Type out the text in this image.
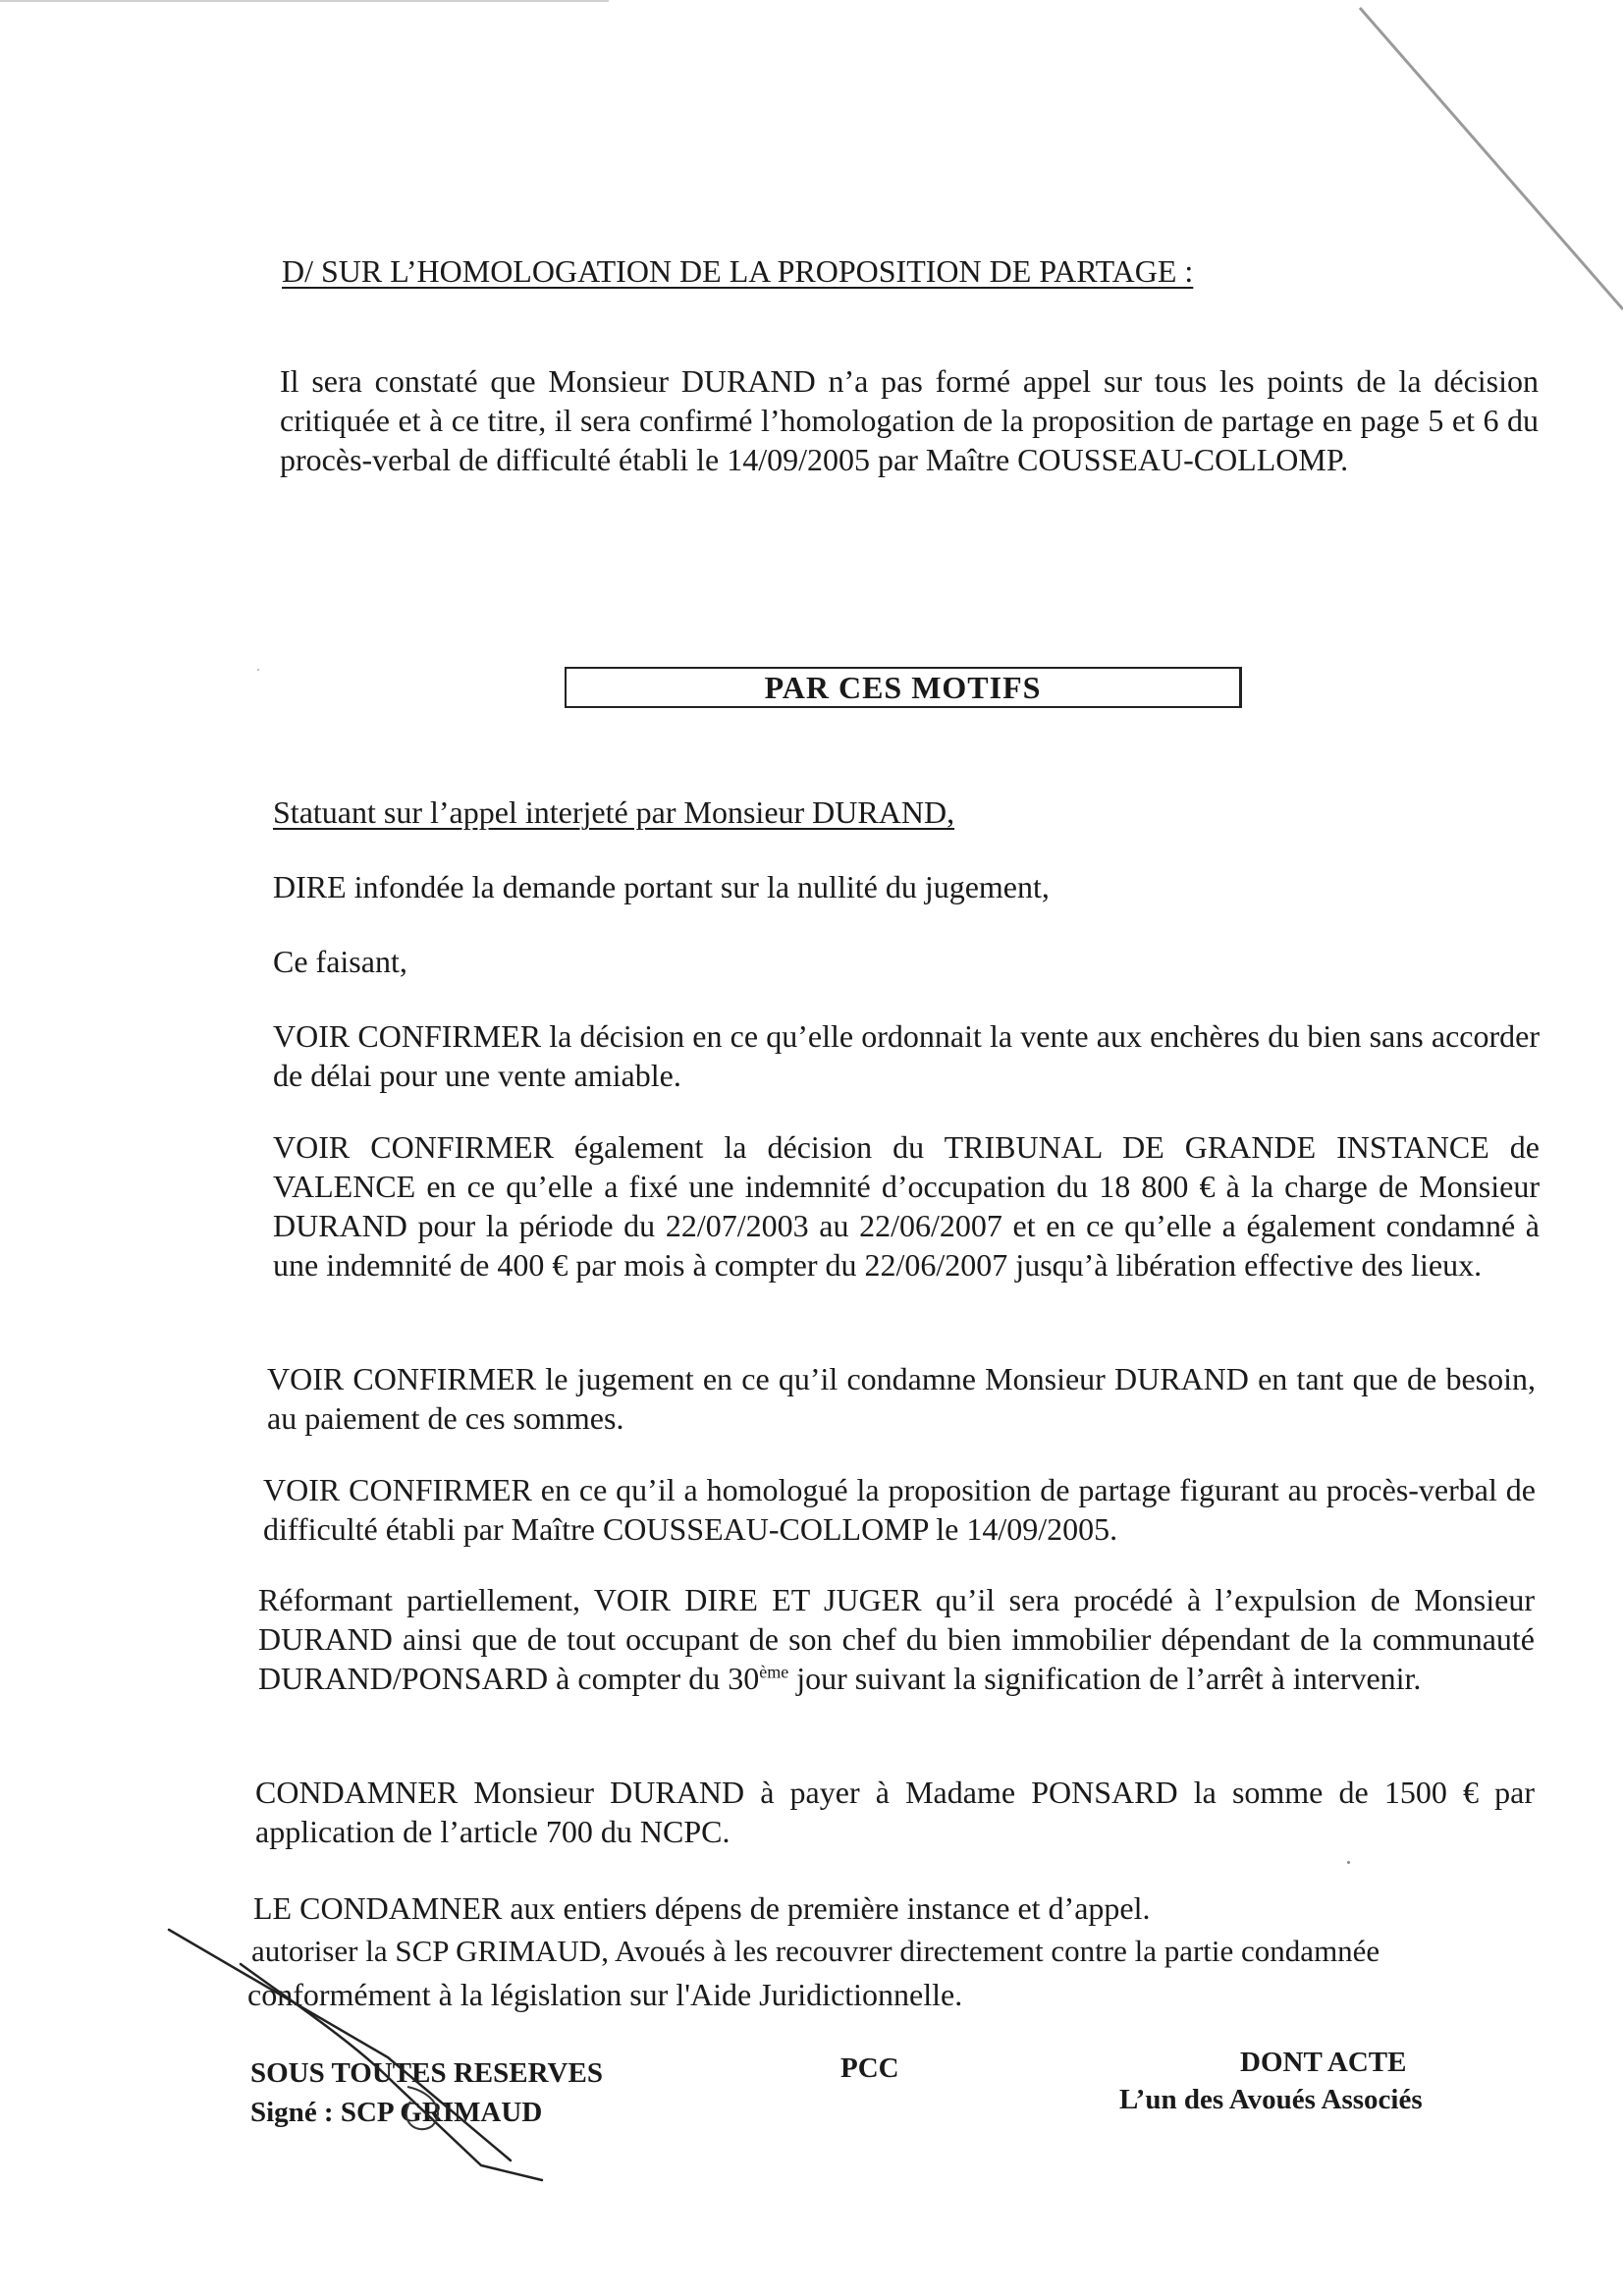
D/ SUR L’HOMOLOGATION DE LA PROPOSITION DE PARTAGE :
Il sera constaté que Monsieur DURAND n’a pas formé appel sur tous les points de la décision critiquée et à ce titre, il sera confirmé l’homologation de la proposition de partage en page 5 et 6 du procès-verbal de difficulté établi le 14/09/2005 par Maître COUSSEAU-COLLOMP.
PAR CES MOTIFS
Statuant sur l’appel interjeté par Monsieur DURAND,
DIRE infondée la demande portant sur la nullité du jugement,
Ce faisant,
VOIR CONFIRMER la décision en ce qu’elle ordonnait la vente aux enchères du bien sans accorder de délai pour une vente amiable.
VOIR CONFIRMER également la décision du TRIBUNAL DE GRANDE INSTANCE de VALENCE en ce qu’elle a fixé une indemnité d’occupation du 18 800 € à la charge de Monsieur DURAND pour la période du 22/07/2003 au 22/06/2007 et en ce qu’elle a également condamné à une indemnité de 400 € par mois à compter du 22/06/2007 jusqu’à libération effective des lieux.
VOIR CONFIRMER le jugement en ce qu’il condamne Monsieur DURAND en tant que de besoin, au paiement de ces sommes.
VOIR CONFIRMER en ce qu’il a homologué la proposition de partage figurant au procès-verbal de difficulté établi par Maître COUSSEAU-COLLOMP le 14/09/2005.
Réformant partiellement, VOIR DIRE ET JUGER qu’il sera procédé à l’expulsion de Monsieur DURAND ainsi que de tout occupant de son chef du bien immobilier dépendant de la communauté DURAND/PONSARD à compter du 30ème jour suivant la signification de l’arrêt à intervenir.
CONDAMNER Monsieur DURAND à payer à Madame PONSARD la somme de 1500 € par application de l’article 700 du NCPC.
LE CONDAMNER aux entiers dépens de première instance et d’appel.
autoriser la SCP GRIMAUD, Avoués à les recouvrer directement contre la partie condamnée
conformément à la législation sur l'Aide Juridictionnelle.
SOUS TOUTES RESERVES
Signé : SCP GRIMAUD
PCC	DONT ACTE
L’un des Avoués Associés
